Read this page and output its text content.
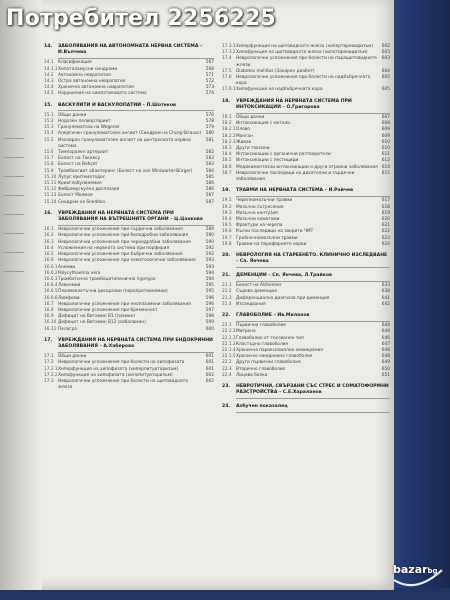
14.	ЗАБОЛЯВАНИЯ НА АВТОНОМНАТА НЕРВНА СИСТЕМА – И.Вълчева
14.1	Класификация	567
14.1.1 Хипоталамусни синдроми	568
14.2	Автономна невропатия	571
14.3	Остра автономна невропатия	572
14.4	Хронична автономна невропатия	573
14.5	Нарушения на симпатиковата система	574
15.	ВАСКУЛИТИ И ВАСКУЛОПАТИИ – П.Шотеков
15.1	Общи данни	576
15.2	Нодозен полиартериит	578
15.3	Грануломатоза на Wegener	579
15.4	Алергичен грануломатозен ангиит (Синдром на Churg-Strauss)	580
15.5	Изолиран грануломатозен ангиит на централната нервна система
581
15.6	Темпорален артериит	582
15.7	Болест на Такаясу	583
15.8	Болест на Behçet	583
15.9	Тромбангиит облитеранс (Болест на von Winiwarter-Bürger)	584
15.10 Лупус еритематодес	585
15.11 Криоглобулинемия	586
15.12 Фибромускулна дисплазия	586
15.13 Болест Моямоя	587
15.14 Синдром на Sneddon	587
16.	УВРЕЖДАНИЯ НА НЕРВНАТА СИСТЕМА ПРИ ЗАБОЛЯВАНИЯ НА ВЪТРЕШНИТЕ ОРГАНИ – Ц.Цанкова
16.1	Неврологични усложнения при сърдечни заболявания	589
16.2	Неврологични усложнения при белодробни заболявания	590
16.3	Неврологични усложнения при чернодробни заболявания	590
16.4	Усложнения на нервната система при порфирия	592
16.5	Неврологични усложнения при бъбречни заболявания	592
16.6	Неврологични усложнения при хематологични заболявания	593
16.6.1 Анемии	593
16.6.2 Polycythaemia vera	594
16.6.3 Тромботична тромбоцитопенична пурпура	594
16.6.4 Левкемии	595
16.6.5 Плазмоклетъчни дискразии (парапротеинемии)	595
16.6.6 Лимфоми	596
16.7	Неврологични усложнения при неоплазмени заболявания	596
16.8	Неврологични усложнения при бременност	597
16.9	Дефицит на Витамин B1 (тиамин)	598
16.10 Дефицит на Витамин B12 (кобаламин)	599
16.11 Пелагра	600
17.	УВРЕЖДАНИЯ НА НЕРВНАТА СИСТЕМА ПРИ ЕНДОКРИННИ ЗАБОЛЯВАНИЯ – А.Хаберова
17.1	Общи данни	601
17.2	Неврологични усложнения при болести на хипофизата	601
17.2.1 Хиперфункция на хипофизата (хиперпитуитаризъм)	601
17.2.2 Хипофункция на хипофизата (хипопитуитаризъм)	602
17.3	Неврологични усложнения при болести на щитовидната жлеза
602
17.3.1 Хиперфункция на щитовидната жлеза (хипертиреоидизъм)	602
17.3.2 Хипофункция на щитовидната жлеза (хипотиреоидизъм)	603
17.4	Неврологични усложнения при болести на паращитовидните жлези
603
17.5	Diabetes mellitus (Захарен диабет)	604
17.6	Неврологични усложнения при болести на надбъбречната кора
605
17.6.1 Хипофункция на надбъбречната кора	605
18.	УВРЕЖДАНИЯ НА НЕРВНАТА СИСТЕМА ПРИ ИНТОКСИКАЦИИ – О.Григорова
18.1	Общи данни	607
18.2	Интоксикация с метали	608
18.2.1 Олово	609
18.2.2 Манган	609
18.2.3 Живак	610
18.3	Други токсини	610
18.4	Интоксикации с органични разтворители	611
18.5	Интоксикации с пестициди	612
18.6	Медикаментозни интоксикации и други отровни заболявания 614
18.7	Неврологични последици на дихателни и сърдечни заболявания
615
19.	ТРАВМИ НА НЕРВНАТА СИСТЕМА – И.Райчев
19.1	Черепномозъчни травми	617
19.2	Мозъчно сътресение	618
19.3	Мозъчна контузия	619
19.4	Мозъчни хематоми	620
19.5	Фрактури на черепа	621
19.6	Късни последици на закрити ЧМТ	622
19.7	Гръбначномозъчни травми	623
19.8	Травми на периферните нерви	624
20.	НЕВРОЛОГИЯ НА СТАРЕЕНЕТО. КЛИНИЧНО ИЗСЛЕДВАНЕ – Сп. Янчева
21.	ДЕМЕНЦИИ – Сп. Янчева, Л.Трайков
21.1	Болест на Alzheimer	633
21.2	Съдова деменция	638
21.3	Диференциална диагноза при деменция	641
21.4	Изследвания	642
22.	ГЛАВОБОЛИЕ – Ив.Миланов
22.1	Първично главоболие	644
22.1.1 Мигрена	644
22.1.2 Главоболие от тензионен тип	646
22.1.3 Кластърно главоболие	647
22.1.4 Хронична пароксизмална хемикрания	648
22.1.5 Хронично ежедневно главоболие	648
22.2	Други първични главоболия	649
22.3	Вторично главоболие	650
22.4	Лицева болка	651
23.	НЕВРОТИЧНИ, СВЪРЗАНИ СЪС СТРЕС И СОМАТОФОРМНИ РАЗСТРОЙСТВА – С.Е.Хараланов
24.	Азбучен показалец
Потребител 2256225
bazarbg
